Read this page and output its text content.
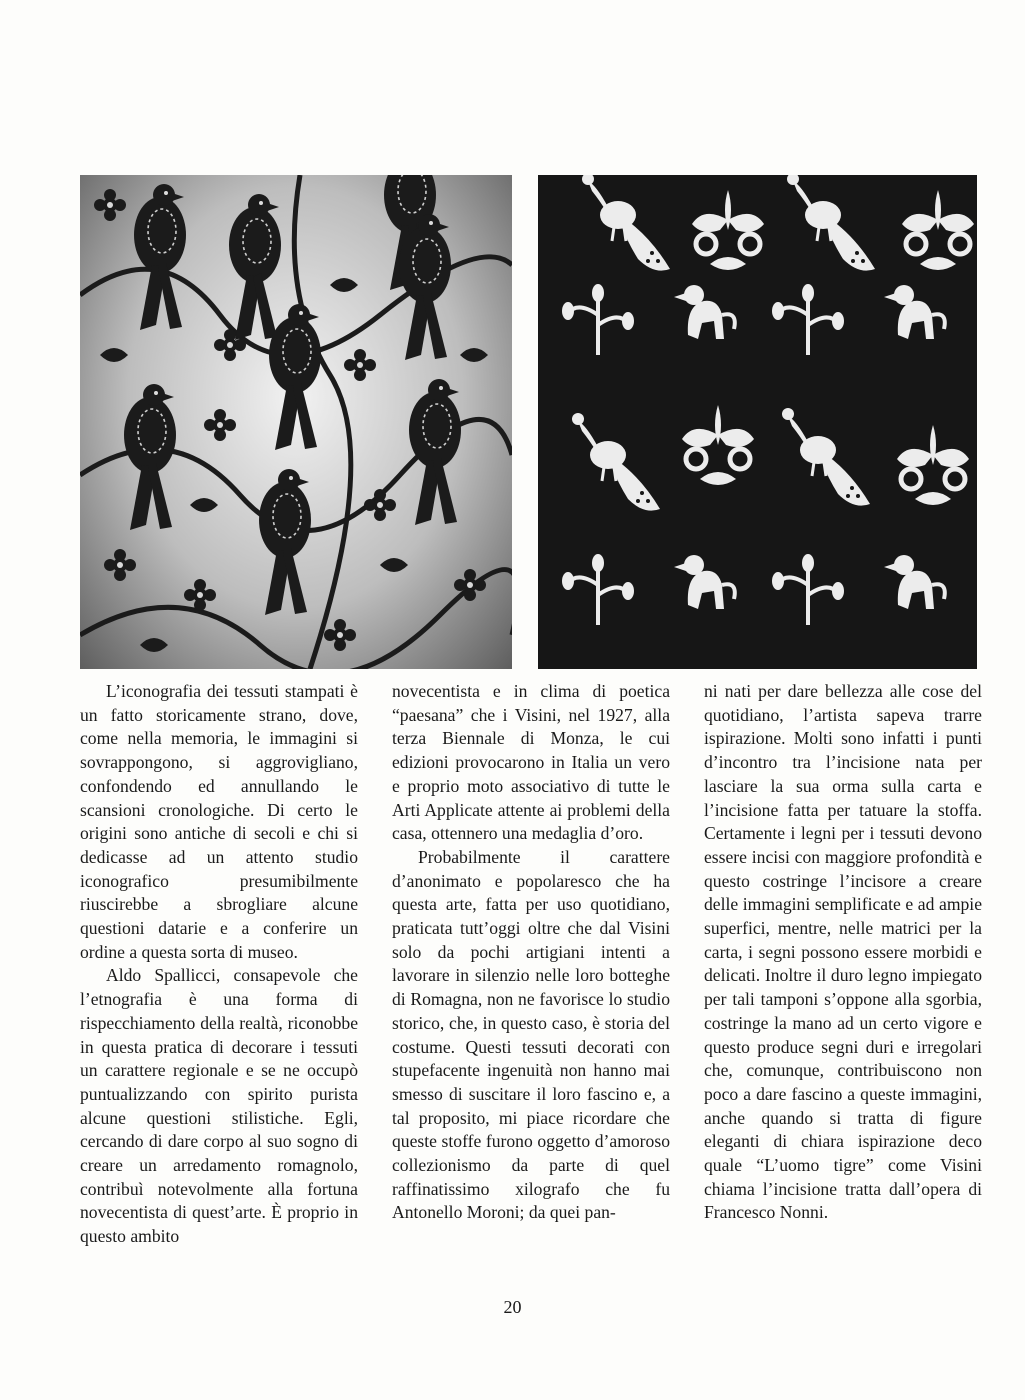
L’iconografia dei tessuti stampati è un fatto storicamente strano, dove, come nella memoria, le immagini si sovrappongono, si aggrovigliano, confondendo ed annullando le scansioni cronologiche. Di certo le origini sono antiche di secoli e chi si dedicasse ad un attento studio iconografico presumibilmente riuscirebbe a sbrogliare alcune questioni datarie e a conferire un ordine a questa sorta di museo.

Aldo Spallicci, consapevole che l’etnografia è una forma di rispecchiamento della realtà, riconobbe in questa pratica di decorare i tessuti un carattere regionale e se ne occupò puntualizzando con spirito purista alcune questioni stilistiche. Egli, cercando di dare corpo al suo sogno di creare un arredamento romagnolo, contribuì notevolmente alla fortuna novecentista di quest’arte. È proprio in questo ambito

novecentista e in clima di poetica “paesana” che i Visini, nel 1927, alla terza Biennale di Monza, le cui edizioni provocarono in Italia un vero e proprio moto associativo di tutte le Arti Applicate attente ai problemi della casa, ottennero una medaglia d’oro.

Probabilmente il carattere d’anonimato e popolaresco che ha questa arte, fatta per uso quotidiano, praticata tutt’oggi oltre che dal Visini solo da pochi artigiani intenti a lavorare in silenzio nelle loro botteghe di Romagna, non ne favorisce lo studio storico, che, in questo caso, è storia del costume. Questi tessuti decorati con stupefacente ingenuità non hanno mai smesso di suscitare il loro fascino e, a tal proposito, mi piace ricordare che queste stoffe furono oggetto d’amoroso collezionismo da parte di quel raffinatissimo xilografo che fu Antonello Moroni; da quei pan-

ni nati per dare bellezza alle cose del quotidiano, l’artista sapeva trarre ispirazione. Molti sono infatti i punti d’incontro tra l’incisione nata per lasciare la sua orma sulla carta e l’incisione fatta per tatuare la stoffa. Certamente i legni per i tessuti devono essere incisi con maggiore profondità e questo costringe l’incisore a creare delle immagini semplificate e ad ampie superfici, mentre, nelle matrici per la carta, i segni possono essere morbidi e delicati. Inoltre il duro legno impiegato per tali tamponi s’oppone alla sgorbia, costringe la mano ad un certo vigore e questo produce segni duri e irregolari che, comunque, contribuiscono non poco a dare fascino a queste immagini, anche quando si tratta di figure eleganti di chiara ispirazione deco quale “L’uomo tigre” come Visini chiama l’incisione tratta dall’opera di Francesco Nonni.

20
